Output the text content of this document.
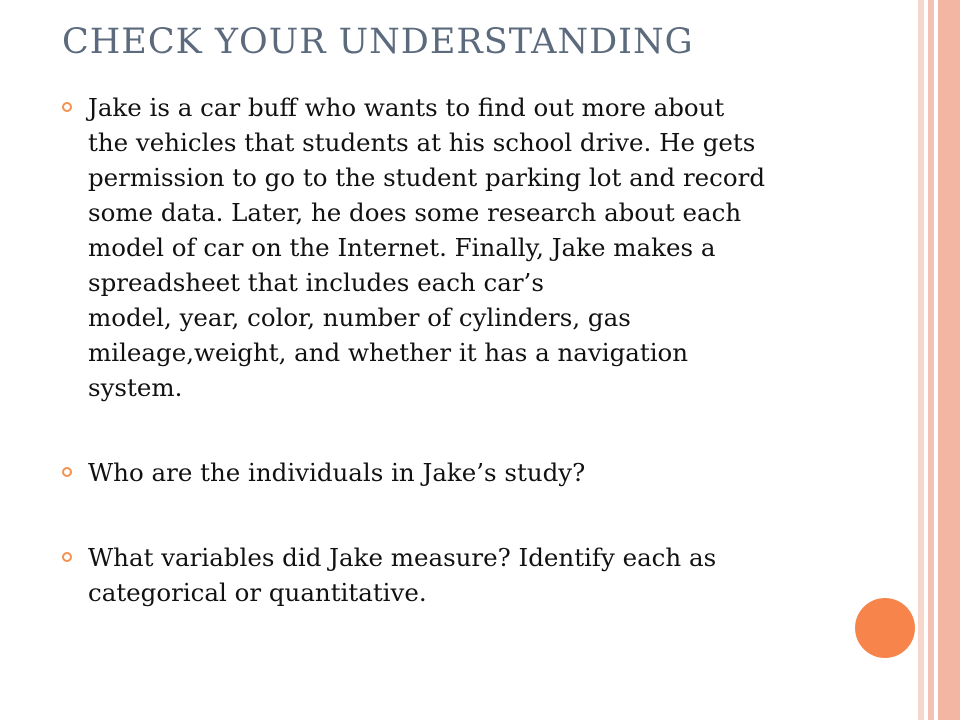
CHECK YOUR UNDERSTANDING
Jake is a car buff who wants to find out more about
the vehicles that students at his school drive. He gets
permission to go to the student parking lot and record
some data. Later, he does some research about each
model of car on the Internet. Finally, Jake makes a
spreadsheet that includes each car’s
model, year, color, number of cylinders, gas
mileage,weight, and whether it has a navigation
system.
Who are the individuals in Jake’s study?
What variables did Jake measure? Identify each as
categorical or quantitative.
